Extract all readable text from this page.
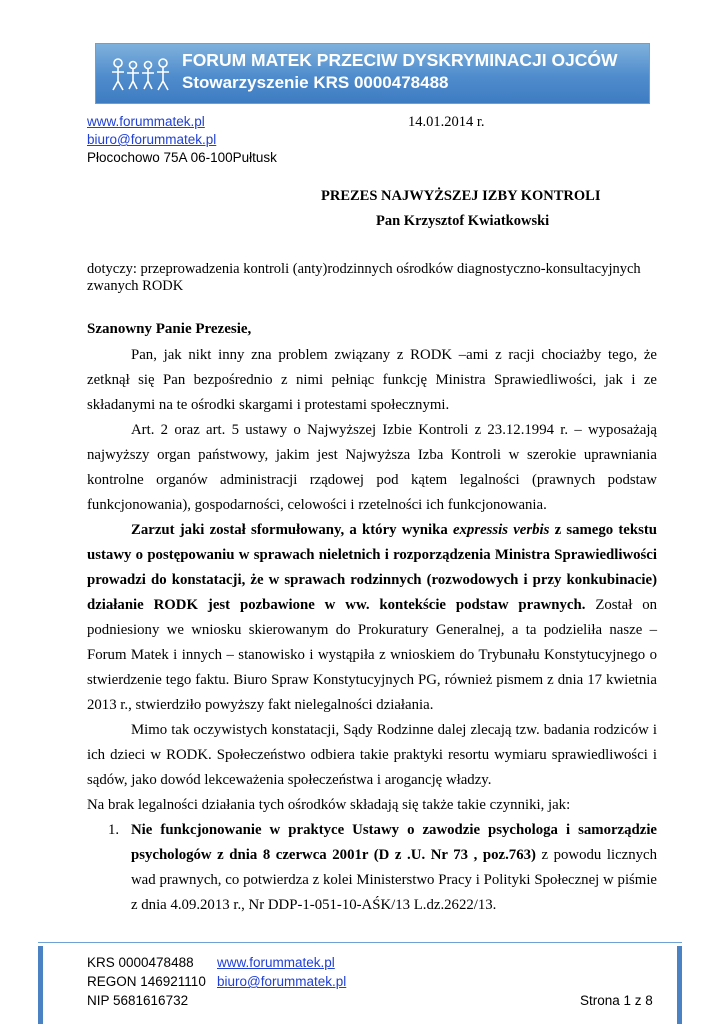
FORUM MATEK PRZECIW DYSKRYMINACJI OJCÓW
Stowarzyszenie KRS 0000478488
www.forummatek.pl
biuro@forummatek.pl
Płocochowo 75A 06-100Pułtusk
14.01.2014 r.
PREZES NAJWYŻSZEJ IZBY KONTROLI
Pan Krzysztof Kwiatkowski
dotyczy: przeprowadzenia kontroli (anty)rodzinnych ośrodków diagnostyczno-konsultacyjnych zwanych RODK
Szanowny Panie Prezesie,
Pan, jak nikt inny zna problem związany z RODK –ami z racji chociażby tego, że zetknął się Pan bezpośrednio z nimi pełniąc funkcję Ministra Sprawiedliwości, jak i ze składanymi na te ośrodki skargami i protestami społecznymi.
Art. 2 oraz art. 5 ustawy o Najwyższej Izbie Kontroli z 23.12.1994 r. – wyposażają najwyższy organ państwowy, jakim jest Najwyższa Izba Kontroli w szerokie uprawniania kontrolne organów administracji rządowej pod kątem legalności (prawnych podstaw funkcjonowania), gospodarności, celowości i rzetelności ich funkcjonowania.
Zarzut jaki został sformułowany, a który wynika expressis verbis z samego tekstu ustawy o postępowaniu w sprawach nieletnich i rozporządzenia Ministra Sprawiedliwości prowadzi do konstatacji, że w sprawach rodzinnych (rozwodowych i przy konkubinacie) działanie RODK jest pozbawione w ww. kontekście podstaw prawnych. Został on podniesiony we wniosku skierowanym do Prokuratury Generalnej, a ta podzieliła nasze – Forum Matek i innych – stanowisko i wystąpiła z wnioskiem do Trybunału Konstytucyjnego o stwierdzenie tego faktu. Biuro Spraw Konstytucyjnych PG, również pismem z dnia 17 kwietnia 2013 r., stwierdziło powyższy fakt nielegalności działania.
Mimo tak oczywistych konstatacji, Sądy Rodzinne dalej zlecają tzw. badania rodziców i ich dzieci w RODK. Społeczeństwo odbiera takie praktyki resortu wymiaru sprawiedliwości i sądów, jako dowód lekceważenia społeczeństwa i arogancję władzy.
Na brak legalności działania tych ośrodków składają się także takie czynniki, jak:
1. Nie funkcjonowanie w praktyce Ustawy o zawodzie psychologa i samorządzie psychologów z dnia 8 czerwca 2001r (D z .U. Nr 73 , poz.763) z powodu licznych wad prawnych, co potwierdza z kolei Ministerstwo Pracy i Polityki Społecznej w piśmie z dnia 4.09.2013 r., Nr DDP-1-051-10-AŚK/13 L.dz.2622/13.
KRS 0000478488
REGON 146921110
NIP 5681616732
www.forummatek.pl
biuro@forummatek.pl
Strona 1 z 8
